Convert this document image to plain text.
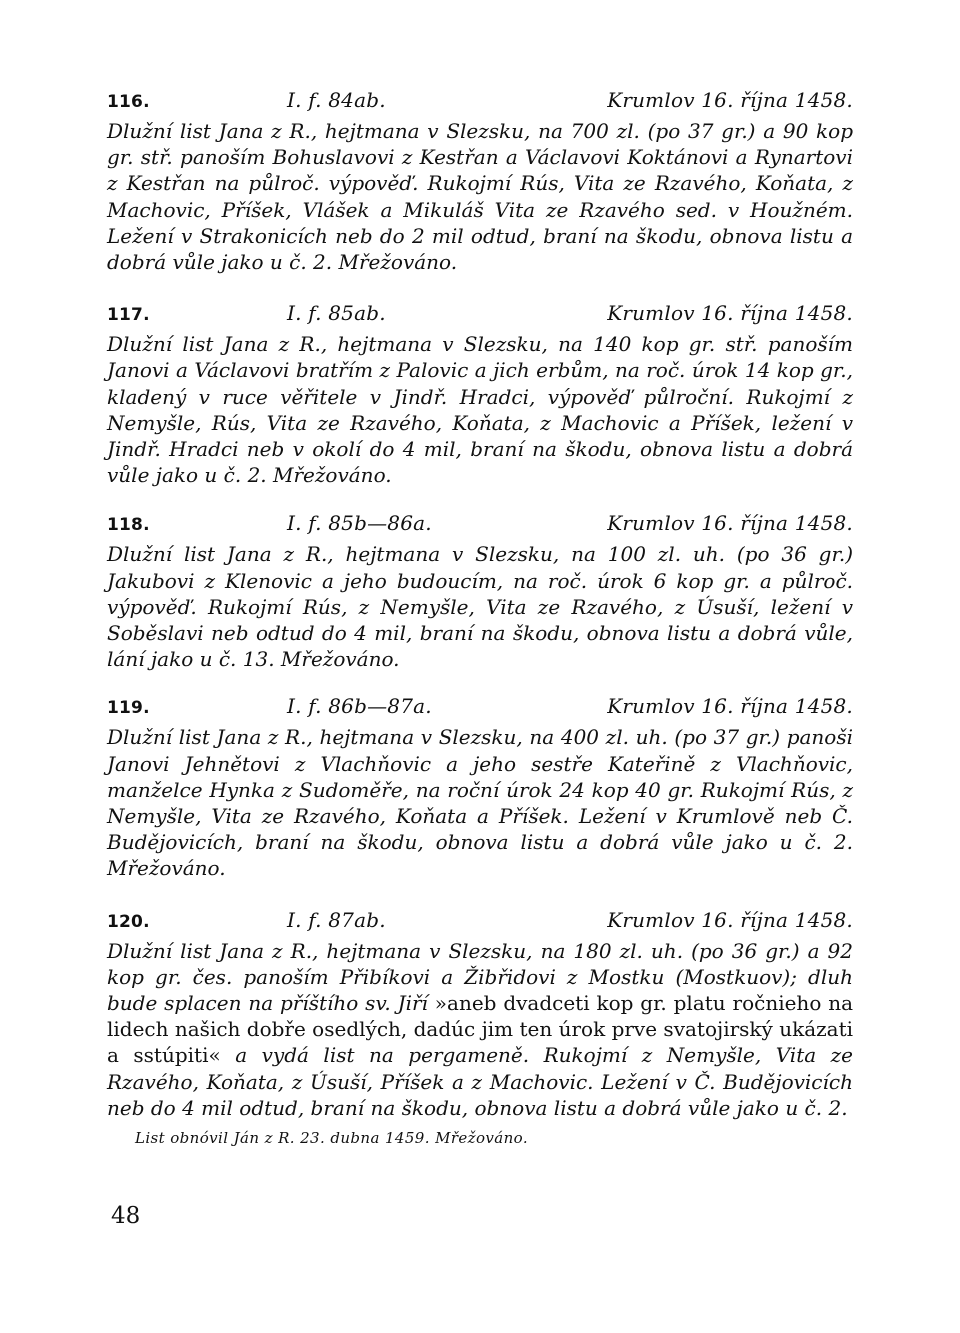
116.	I. f. 84ab.	Krumlov 16. října 1458.

Dlužní list Jana z R., hejtmana v Slezsku, na 700 zl. (po 37 gr.) a 90 kop gr. stř. panoším Bohuslavovi z Kestřan a Václavovi Koktánovi a Rynartovi z Kestřan na půlroč. výpověď. Rukojmí Rús, Vita ze Rzavého, Koňata, z Machovic, Příšek, Vlášek a Mikuláš Vita ze Rzavého sed. v Houžném. Ležení v Strakonicích neb do 2 mil odtud, braní na škodu, obnova listu a dobrá vůle jako u č. 2. Mřežováno.

117.	I. f. 85ab.	Krumlov 16. října 1458.

Dlužní list Jana z R., hejtmana v Slezsku, na 140 kop gr. stř. panoším Janovi a Václavovi bratřím z Palovic a jich erbům, na roč. úrok 14 kop gr., kladený v ruce věřitele v Jindř. Hradci, výpověď půlroční. Rukojmí z Nemyšle, Rús, Vita ze Rzavého, Koňata, z Machovic a Příšek, ležení v Jindř. Hradci neb v okolí do 4 mil, braní na škodu, obnova listu a dobrá vůle jako u č. 2. Mřežováno.

118.	I. f. 85b—86a.	Krumlov 16. října 1458.

Dlužní list Jana z R., hejtmana v Slezsku, na 100 zl. uh. (po 36 gr.) Jakubovi z Klenovic a jeho budoucím, na roč. úrok 6 kop gr. a půlroč. výpověď. Rukojmí Rús, z Nemyšle, Vita ze Rzavého, z Úsuší, ležení v Soběslavi neb odtud do 4 mil, braní na škodu, obnova listu a dobrá vůle, lání jako u č. 13. Mřežováno.

119.	I. f. 86b—87a.	Krumlov 16. října 1458.

Dlužní list Jana z R., hejtmana v Slezsku, na 400 zl. uh. (po 37 gr.) panoši Janovi Jehnětovi z Vlachňovic a jeho sestře Kateřině z Vlachňovic, manželce Hynka z Sudoměře, na roční úrok 24 kop 40 gr. Rukojmí Rús, z Nemyšle, Vita ze Rzavého, Koňata a Příšek. Ležení v Krumlově neb Č. Budějovicích, braní na škodu, obnova listu a dobrá vůle jako u č. 2. Mřežováno.

120.	I. f. 87ab.	Krumlov 16. října 1458.

Dlužní list Jana z R., hejtmana v Slezsku, na 180 zl. uh. (po 36 gr.) a 92 kop gr. čes. panoším Přibíkovi a Žibřidovi z Mostku (Mostkuov); dluh bude splacen na příštího sv. Jiří »aneb dvadceti kop gr. platu ročnieho na lidech našich dobře osedlých, dadúc jim ten úrok prve svatojirský ukázati a sstúpiti« a vydá list na pergameně. Rukojmí z Nemyšle, Vita ze Rzavého, Koňata, z Úsuší, Příšek a z Machovic. Ležení v Č. Budějovicích neb do 4 mil odtud, braní na škodu, obnova listu a dobrá vůle jako u č. 2.

List obnóvil Ján z R. 23. dubna 1459. Mřežováno.
48
